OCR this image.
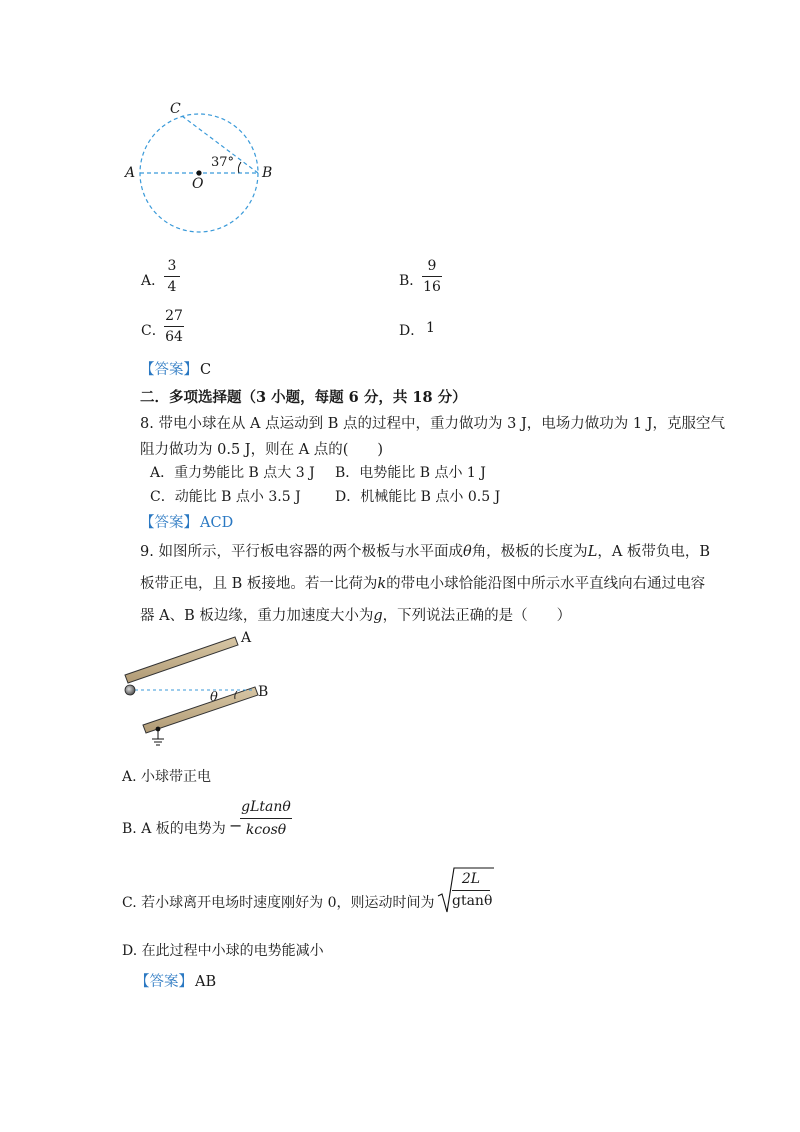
C
A	B
O
37°
A．
3
4	B．
9
16
C．
27
64	D． 1
【答案】 C
二．多项选择题（3 小题，每题 6 分，共 18 分）
8. 带电小球在从 A 点运动到 B 点的过程中，重力做功为 3 J，电场力做功为 1 J，克服空气
阻力做功为 0.5 J，则在 A 点的(　　)
A．重力势能比 B 点大 3 J B．电势能比 B 点小 1 J
C．动能比 B 点小 3.5 J D．机械能比 B 点小 0.5 J
【答案】 ACD
9. 如图所示，平行板电容器的两个极板与水平面成θ角，极板的长度为L，A 板带负电，B
板带正电，且 B 板接地。若一比荷为k的带电小球恰能沿图中所示水平直线向右通过电容
器 A、B 板边缘，重力加速度大小为g，下列说法正确的是（　　）
A
B
θ
A. 小球带正电
B. A 板的电势为 −
gLtanθ
kcosθ
C. 若小球离开电场时速度刚好为 0，则运动时间为
2L
gtanθ
D. 在此过程中小球的电势能减小
【答案】 AB
